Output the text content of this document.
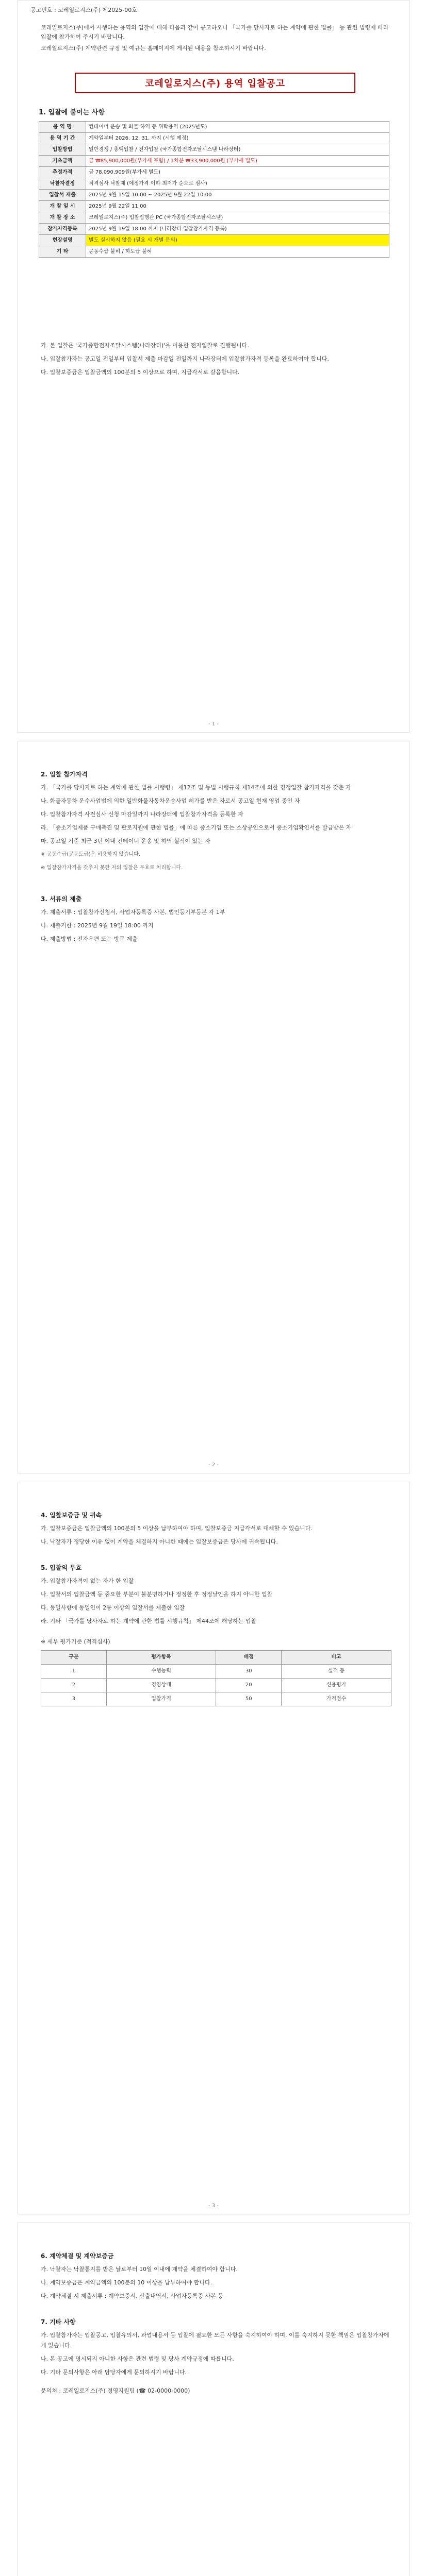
공고번호 : 코레일로지스(주) 제2025-00호

코레일로지스(주)에서 시행하는 용역의 입찰에 대해 다음과 같이 공고하오니 「국가를 당사자로 하는 계약에 관한 법률」 등 관련 법령에 따라 입찰에 참가하여 주시기 바랍니다.

코레일로지스(주) 계약관련 규정 및 예규는 홈페이지에 게시된 내용을 참조하시기 바랍니다.

코레일로지스(주) 용역 입찰공고
1. 입찰에 붙이는 사항
용 역 명	컨테이너 운송 및 화물 하역 등 위탁용역 (2025년도)
용 역 기 간	계약일부터 2026. 12. 31. 까지 (시행 예정)
입찰방법	일반경쟁 / 총액입찰 / 전자입찰 (국가종합전자조달시스템 나라장터)
기초금액	금 ₩85,900,000원(부가세 포함) / 1차분 ₩33,900,000원 (부가세 별도)
추정가격	금 78,090,909원(부가세 별도)
낙찰자결정	적격심사 낙찰제 (예정가격 이하 최저가 순으로 심사)
입찰서 제출	2025년 9월 15일 10:00 ~ 2025년 9월 22일 10:00
개 찰 일 시	2025년 9월 22일 11:00
개 찰 장 소	코레일로지스(주) 입찰집행관 PC (국가종합전자조달시스템)
참가자격등록	2025년 9월 19일 18:00 까지 (나라장터 입찰참가자격 등록)
현장설명	별도 실시하지 않음 (필요 시 개별 문의)
기 타	공동수급 불허 / 하도급 불허

가. 본 입찰은 '국가종합전자조달시스템(나라장터)'을 이용한 전자입찰로 진행됩니다.

나. 입찰참가자는 공고일 전일부터 입찰서 제출 마감일 전일까지 나라장터에 입찰참가자격 등록을 완료하여야 합니다.

다. 입찰보증금은 입찰금액의 100분의 5 이상으로 하며, 지급각서로 갈음합니다.

- 1 -
2. 입찰 참가자격

가. 「국가를 당사자로 하는 계약에 관한 법률 시행령」 제12조 및 동법 시행규칙 제14조에 의한 경쟁입찰 참가자격을 갖춘 자

나. 화물자동차 운수사업법에 의한 일반화물자동차운송사업 허가를 받은 자로서 공고일 현재 영업 중인 자

다. 입찰참가자격 사전심사 신청 마감일까지 나라장터에 입찰참가자격을 등록한 자

라. 「중소기업제품 구매촉진 및 판로지원에 관한 법률」에 따른 중소기업 또는 소상공인으로서 중소기업확인서를 발급받은 자

마. 공고일 기준 최근 3년 이내 컨테이너 운송 및 하역 실적이 있는 자

※ 공동수급(공동도급)은 허용하지 않습니다.

※ 입찰참가자격을 갖추지 못한 자의 입찰은 무효로 처리합니다.

3. 서류의 제출

가. 제출서류 : 입찰참가신청서, 사업자등록증 사본, 법인등기부등본 각 1부

나. 제출기한 : 2025년 9월 19일 18:00 까지

다. 제출방법 : 전자우편 또는 방문 제출

- 2 -
4. 입찰보증금 및 귀속

가. 입찰보증금은 입찰금액의 100분의 5 이상을 납부하여야 하며, 입찰보증금 지급각서로 대체할 수 있습니다.

나. 낙찰자가 정당한 이유 없이 계약을 체결하지 아니한 때에는 입찰보증금은 당사에 귀속됩니다.

5. 입찰의 무효

가. 입찰참가자격이 없는 자가 한 입찰

나. 입찰서의 입찰금액 등 중요한 부분이 불분명하거나 정정한 후 정정날인을 하지 아니한 입찰

다. 동일사항에 동일인이 2통 이상의 입찰서를 제출한 입찰

라. 기타 「국가를 당사자로 하는 계약에 관한 법률 시행규칙」 제44조에 해당하는 입찰

※ 세부 평가기준 (적격심사)

구분	평가항목	배점	비고
1	수행능력	30	실적 등
2	경영상태	20	신용평가
3	입찰가격	50	가격점수
- 3 -
6. 계약체결 및 계약보증금

가. 낙찰자는 낙찰통지를 받은 날로부터 10일 이내에 계약을 체결하여야 합니다.

나. 계약보증금은 계약금액의 100분의 10 이상을 납부하여야 합니다.

다. 계약체결 시 제출서류 : 계약보증서, 산출내역서, 사업자등록증 사본 등

7. 기타 사항

가. 입찰참가자는 입찰공고, 입찰유의서, 과업내용서 등 입찰에 필요한 모든 사항을 숙지하여야 하며, 이를 숙지하지 못한 책임은 입찰참가자에게 있습니다.

나. 본 공고에 명시되지 아니한 사항은 관련 법령 및 당사 계약규정에 따릅니다.

다. 기타 문의사항은 아래 담당자에게 문의하시기 바랍니다.

문의처 : 코레일로지스(주) 경영지원팀 (☎ 02-0000-0000)
